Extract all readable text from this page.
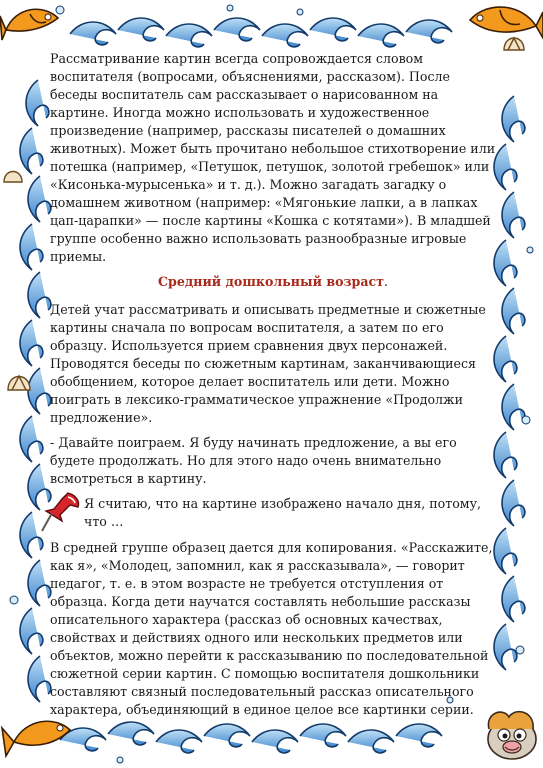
Рассматривание картин всегда сопровождается словом воспитателя (вопросами, объяснениями, рассказом). После беседы воспитатель сам рассказывает о нарисованном на картине. Иногда можно использовать и художественное произведение (например, рассказы писателей о домашних животных). Может быть прочитано небольшое стихотворение или потешка (например, «Петушок, петушок, золотой гребешок» или «Кисонька-мурысенька» и т. д.). Можно загадать загадку о домашнем животном (например: «Мягонькие лапки, а в лапках цап-царапки» — после картины «Кошка с котятами»). В младшей группе особенно важно использовать разнообразные игровые приемы.

Средний дошкольный возраст.

Детей учат рассматривать и описывать предметные и сюжетные картины сначала по вопросам воспитателя, а затем по его образцу. Используется прием сравнения двух персонажей. Проводятся беседы по сюжетным картинам, заканчивающиеся обобщением, которое делает воспитатель или дети. Можно поиграть в лексико-грамматическое упражнение «Продолжи предложение».

- Давайте поиграем. Я буду начинать предложение, а вы его будете продолжать. Но для этого надо очень внимательно всмотреться в картину.

Я считаю, что на картине изображено начало дня, потому, что …

В средней группе образец дается для копирования. «Расскажите, как я», «Молодец, запомнил, как я рассказывала», — говорит педагог, т. е. в этом возрасте не требуется отступления от образца. Когда дети научатся составлять небольшие рассказы описательного характера (рассказ об основных качествах, свойствах и действиях одного или нескольких предметов или объектов, можно перейти к рассказыванию по последовательной сюжетной серии картин. С помощью воспитателя дошкольники составляют связный последовательный рассказ описательного характера, объединяющий в единое целое все картинки серии.
